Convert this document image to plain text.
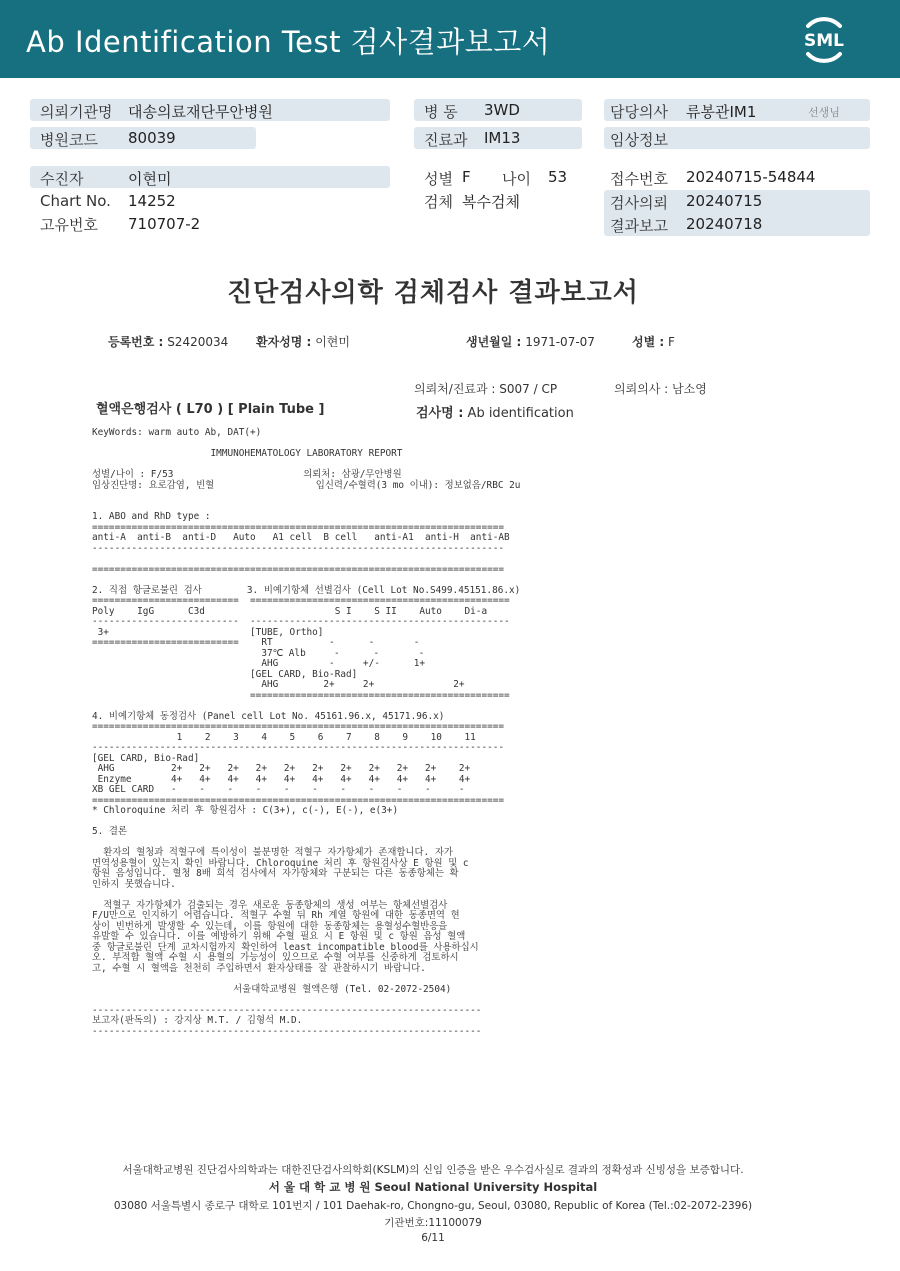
Ab Identification Test 검사결과보고서	SML
의뢰기관명 대송의료재단무안병원
병원코드 80039
병 동 3WD
진료과 IM13
담당의사 류봉관IM1	선생님
임상정보
수진자	이현미
Chart No. 14252
고유번호 710707-2
성별 F 나이 53
검체 복수검체
접수번호 20240715-54844
검사의뢰 20240715
결과보고 20240718
진단검사의학 검체검사 결과보고서
등록번호 : S2420034 환자성명 : 이현미	생년월일 : 1971-07-07	성별 : F
의뢰처/진료과 : S007 / CP	의뢰의사 : 남소영
혈액은행검사 ( L70 ) [ Plain Tube ]	검사명 : Ab identification
KeyWords: warm auto Ab, DAT(+)

IMMUNOHEMATOLOGY LABORATORY REPORT

성별/나이 : F/53                       의뢰처: 삼광/무안병원
임상진단명: 요로감염, 빈혈                  입신력/수혈력(3 mo 이내): 정보없음/RBC 2u

1. ABO and RhD type :
=========================================================================
anti-A  anti-B  anti-D   Auto   A1 cell  B cell   anti-A1  anti-H  anti-AB
-------------------------------------------------------------------------

=========================================================================

2. 직접 항글로불린 검사        3. 비예기항체 선별검사 (Cell Lot No.S499.45151.86.x)
==========================  ==============================================
Poly    IgG      C3d                       S I    S II    Auto    Di-a
--------------------------  ----------------------------------------------
3+                         [TUBE, Ortho]
==========================    RT          -      -       -
37℃ Alb     -      -       -
AHG         -     +/-      1+
[GEL CARD, Bio-Rad]
AHG        2+     2+              2+
==============================================

4. 비예기항체 동정검사 (Panel cell Lot No. 45161.96.x, 45171.96.x)
=========================================================================
1    2    3    4    5    6    7    8    9    10    11
-------------------------------------------------------------------------
[GEL CARD, Bio-Rad]
AHG          2+   2+   2+   2+   2+   2+   2+   2+   2+   2+    2+
Enzyme       4+   4+   4+   4+   4+   4+   4+   4+   4+   4+    4+
XB GEL CARD   -    -    -    -    -    -    -    -    -    -     -
=========================================================================
* Chloroquine 처리 후 항원검사 : C(3+), c(-), E(-), e(3+)

5. 결론

환자의 혈청과 적혈구에 특이성이 불분명한 적혈구 자가항체가 존재합니다. 자가
면역성용혈이 있는지 확인 바랍니다. Chloroquine 처리 후 항원검사상 E 항원 및 c
항원 음성입니다. 혈청 8배 희석 검사에서 자가항체와 구분되는 다른 동종항체는 확
인하지 못했습니다.

적혈구 자가항체가 검출되는 경우 새로운 동종항체의 생성 여부는 항체선별검사
F/U만으로 인지하기 어렵습니다. 적혈구 수혈 뒤 Rh 계열 항원에 대한 동종면역 현
상이 빈번하게 발생할 수 있는데, 이를 항원에 대한 동종항체는 용혈성수혈반응을
유발할 수 있습니다. 이를 예방하기 위해 수혈 필요 시 E 항원 및 c 항원 음성 혈액
중 항글로불린 단계 교차시험까지 확인하여 least incompatible blood를 사용하십시
오. 부적합 혈액 수혈 시 용혈의 가능성이 있으므로 수혈 여부를 신중하게 검토하시
고, 수혈 시 혈액을 천천히 주입하면서 환자상태를 잘 관찰하시기 바랍니다.

서울대학교병원 혈액은행 (Tel. 02-2072-2504)

---------------------------------------------------------------------
보고자(판독의) : 강지상 M.T. / 김형석 M.D.
---------------------------------------------------------------------
서울대학교병원 진단검사의학과는 대한진단검사의학회(KSLM)의 신임 인증을 받은 우수검사실로 결과의 정확성과 신빙성을 보증합니다.
서 울 대 학 교 병 원 Seoul National University Hospital
03080 서울특별시 종로구 대학로 101번지 / 101 Daehak-ro, Chongno-gu, Seoul, 03080, Republic of Korea (Tel.:02-2072-2396)
기관번호:11100079
6/11
